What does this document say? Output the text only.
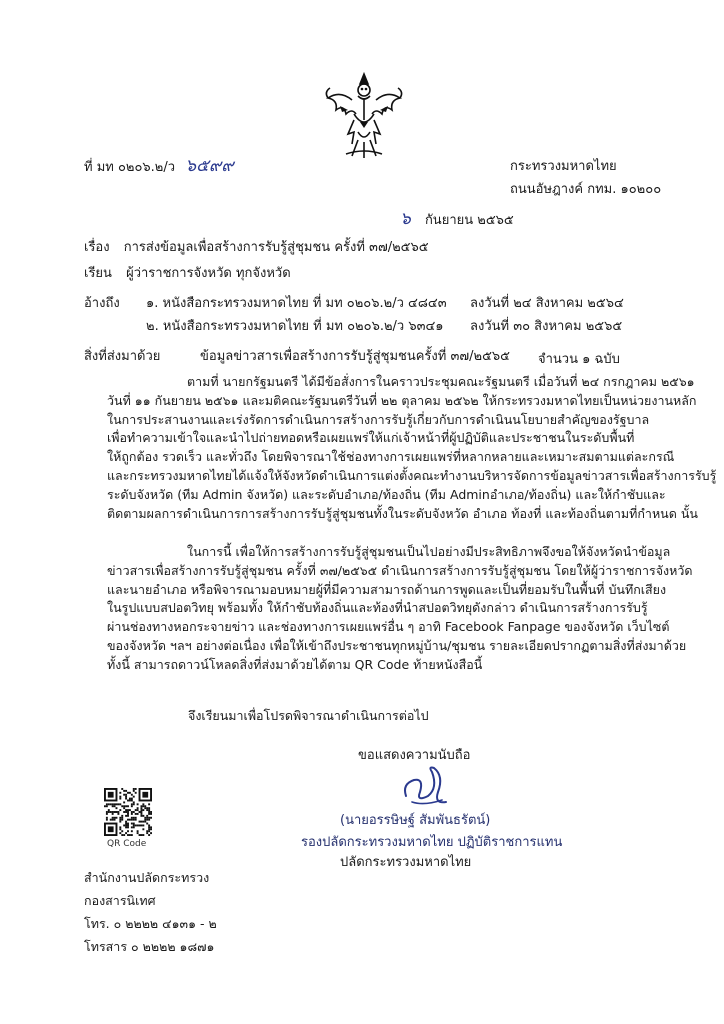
ที่ มท ๐๒๐๖.๒/ว ๖๕๙๙	กระทรวงมหาดไทย
ถนนอัษฎางค์ กทม. ๑๐๒๐๐
๖ กันยายน ๒๕๖๕
เรื่อง การส่งข้อมูลเพื่อสร้างการรับรู้สู่ชุมชน ครั้งที่ ๓๗/๒๕๖๕
เรียน ผู้ว่าราชการจังหวัด ทุกจังหวัด
อ้างถึง ๑. หนังสือกระทรวงมหาดไทย ที่ มท ๐๒๐๖.๒/ว ๔๘๔๓ ลงวันที่ ๒๔ สิงหาคม ๒๕๖๔
๒. หนังสือกระทรวงมหาดไทย ที่ มท ๐๒๐๖.๒/ว ๖๓๔๑ ลงวันที่ ๓๐ สิงหาคม ๒๕๖๕
สิ่งที่ส่งมาด้วย	ข้อมูลข่าวสารเพื่อสร้างการรับรู้สู่ชุมชนครั้งที่ ๓๗/๒๕๖๕ จำนวน ๑ ฉบับ
ตามที่ นายกรัฐมนตรี ได้มีข้อสั่งการในคราวประชุมคณะรัฐมนตรี เมื่อวันที่ ๒๔ กรกฎาคม ๒๕๖๑
วันที่ ๑๑ กันยายน ๒๕๖๑ และมติคณะรัฐมนตรีวันที่ ๒๒ ตุลาคม ๒๕๖๒ ให้กระทรวงมหาดไทยเป็นหน่วยงานหลัก
ในการประสานงานและเร่งรัดการดำเนินการสร้างการรับรู้เกี่ยวกับการดำเนินนโยบายสำคัญของรัฐบาล
เพื่อทำความเข้าใจและนำไปถ่ายทอดหรือเผยแพร่ให้แก่เจ้าหน้าที่ผู้ปฏิบัติและประชาชนในระดับพื้นที่
ให้ถูกต้อง รวดเร็ว และทั่วถึง โดยพิจารณาใช้ช่องทางการเผยแพร่ที่หลากหลายและเหมาะสมตามแต่ละกรณี
และกระทรวงมหาดไทยได้แจ้งให้จังหวัดดำเนินการแต่งตั้งคณะทำงานบริหารจัดการข้อมูลข่าวสารเพื่อสร้างการรับรู้
ระดับจังหวัด (ทีม Admin จังหวัด) และระดับอำเภอ/ท้องถิ่น (ทีม Adminอำเภอ/ท้องถิ่น) และให้กำชับและ
ติดตามผลการดำเนินการการสร้างการรับรู้สู่ชุมชนทั้งในระดับจังหวัด อำเภอ ท้องที่ และท้องถิ่นตามที่กำหนด นั้น
ในการนี้ เพื่อให้การสร้างการรับรู้สู่ชุมชนเป็นไปอย่างมีประสิทธิภาพจึงขอให้จังหวัดนำข้อมูล
ข่าวสารเพื่อสร้างการรับรู้สู่ชุมชน ครั้งที่ ๓๗/๒๕๖๕ ดำเนินการสร้างการรับรู้สู่ชุมชน โดยให้ผู้ว่าราชการจังหวัด
และนายอำเภอ หรือพิจารณามอบหมายผู้ที่มีความสามารถด้านการพูดและเป็นที่ยอมรับในพื้นที่ บันทึกเสียง
ในรูปแบบสปอตวิทยุ พร้อมทั้ง ให้กำชับท้องถิ่นและท้องที่นำสปอตวิทยุดังกล่าว ดำเนินการสร้างการรับรู้
ผ่านช่องทางหอกระจายข่าว และช่องทางการเผยแพร่อื่น ๆ อาทิ Facebook Fanpage ของจังหวัด เว็บไซต์
ของจังหวัด ฯลฯ อย่างต่อเนื่อง เพื่อให้เข้าถึงประชาชนทุกหมู่บ้าน/ชุมชน รายละเอียดปรากฏตามสิ่งที่ส่งมาด้วย
ทั้งนี้ สามารถดาวน์โหลดสิ่งที่ส่งมาด้วยได้ตาม QR Code ท้ายหนังสือนี้
จึงเรียนมาเพื่อโปรดพิจารณาดำเนินการต่อไป
ขอแสดงความนับถือ
(นายอรรษิษฐ์ สัมพันธรัตน์)
รองปลัดกระทรวงมหาดไทย ปฏิบัติราชการแทน
ปลัดกระทรวงมหาดไทย
QR Code
สำนักงานปลัดกระทรวง
กองสารนิเทศ
โทร. ๐ ๒๒๒๒ ๔๑๓๑ - ๒
โทรสาร ๐ ๒๒๒๒ ๑๘๗๑
